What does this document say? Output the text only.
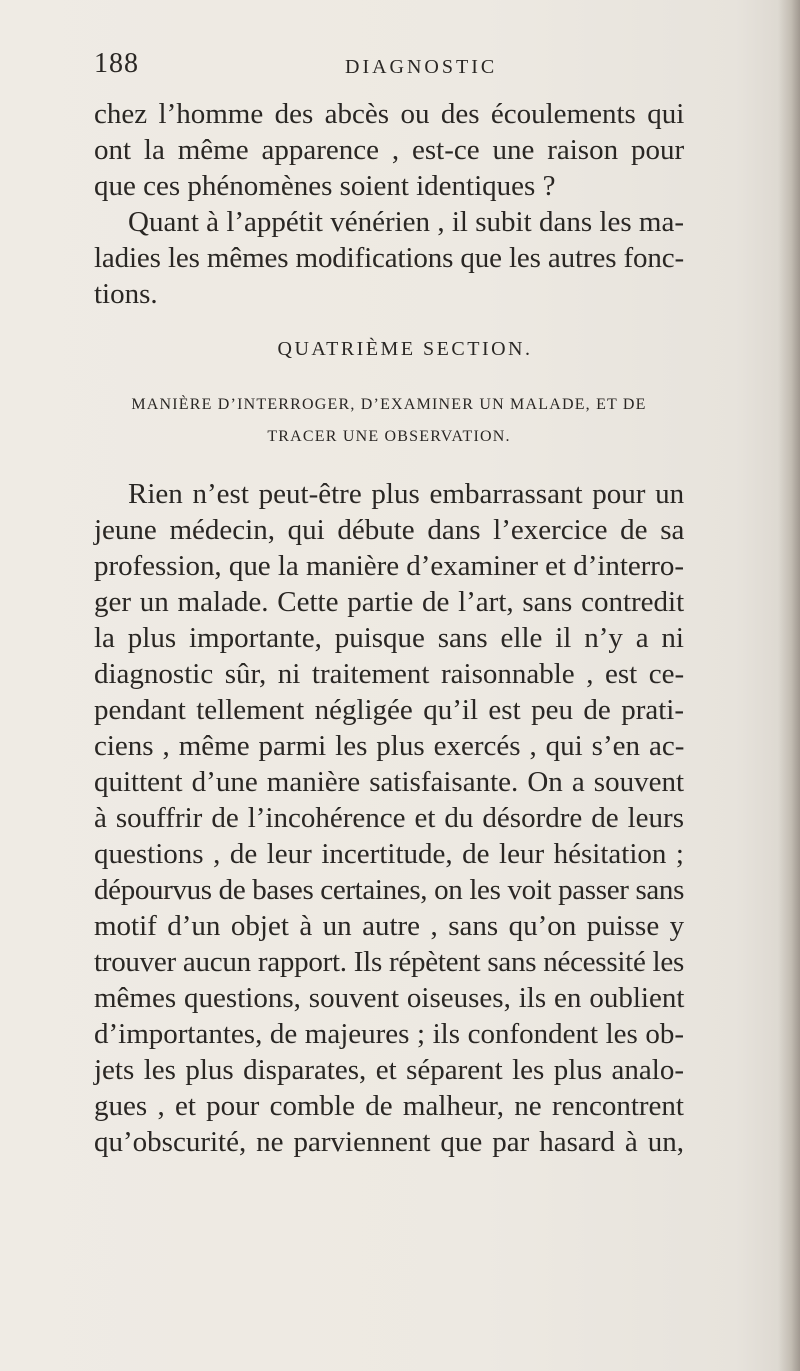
188	DIAGNOSTIC
chez l’homme des abcès ou des écoulements qui
ont la même apparence , est-ce une raison pour
que ces phénomènes soient identiques ?
Quant à l’appétit vénérien , il subit dans les ma-
ladies les mêmes modifications que les autres fonc-
tions.
QUATRIÈME SECTION.
MANIÈRE D’INTERROGER, D’EXAMINER UN MALADE, ET DE
TRACER UNE OBSERVATION.
Rien n’est peut-être plus embarrassant pour un
jeune médecin, qui débute dans l’exercice de sa
profession, que la manière d’examiner et d’interro-
ger un malade. Cette partie de l’art, sans contredit
la plus importante, puisque sans elle il n’y a ni
diagnostic sûr, ni traitement raisonnable , est ce-
pendant tellement négligée qu’il est peu de prati-
ciens , même parmi les plus exercés , qui s’en ac-
quittent d’une manière satisfaisante. On a souvent
à souffrir de l’incohérence et du désordre de leurs
questions , de leur incertitude, de leur hésitation ;
dépourvus de bases certaines, on les voit passer sans
motif d’un objet à un autre , sans qu’on puisse y
trouver aucun rapport. Ils répètent sans nécessité les
mêmes questions, souvent oiseuses, ils en oublient
d’importantes, de majeures ; ils confondent les ob-
jets les plus disparates, et séparent les plus analo-
gues , et pour comble de malheur, ne rencontrent
qu’obscurité, ne parviennent que par hasard à un,
